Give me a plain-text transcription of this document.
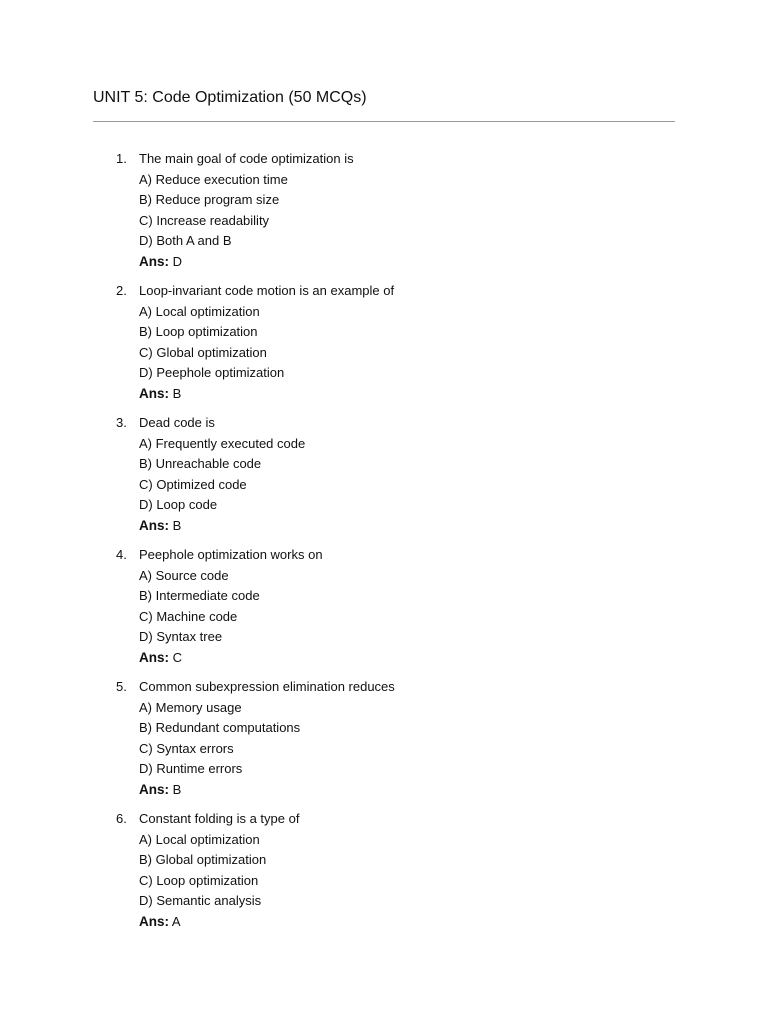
UNIT 5: Code Optimization (50 MCQs)
1. The main goal of code optimization is
A) Reduce execution time
B) Reduce program size
C) Increase readability
D) Both A and B
Ans: D
2. Loop-invariant code motion is an example of
A) Local optimization
B) Loop optimization
C) Global optimization
D) Peephole optimization
Ans: B
3. Dead code is
A) Frequently executed code
B) Unreachable code
C) Optimized code
D) Loop code
Ans: B
4. Peephole optimization works on
A) Source code
B) Intermediate code
C) Machine code
D) Syntax tree
Ans: C
5. Common subexpression elimination reduces
A) Memory usage
B) Redundant computations
C) Syntax errors
D) Runtime errors
Ans: B
6. Constant folding is a type of
A) Local optimization
B) Global optimization
C) Loop optimization
D) Semantic analysis
Ans: A
